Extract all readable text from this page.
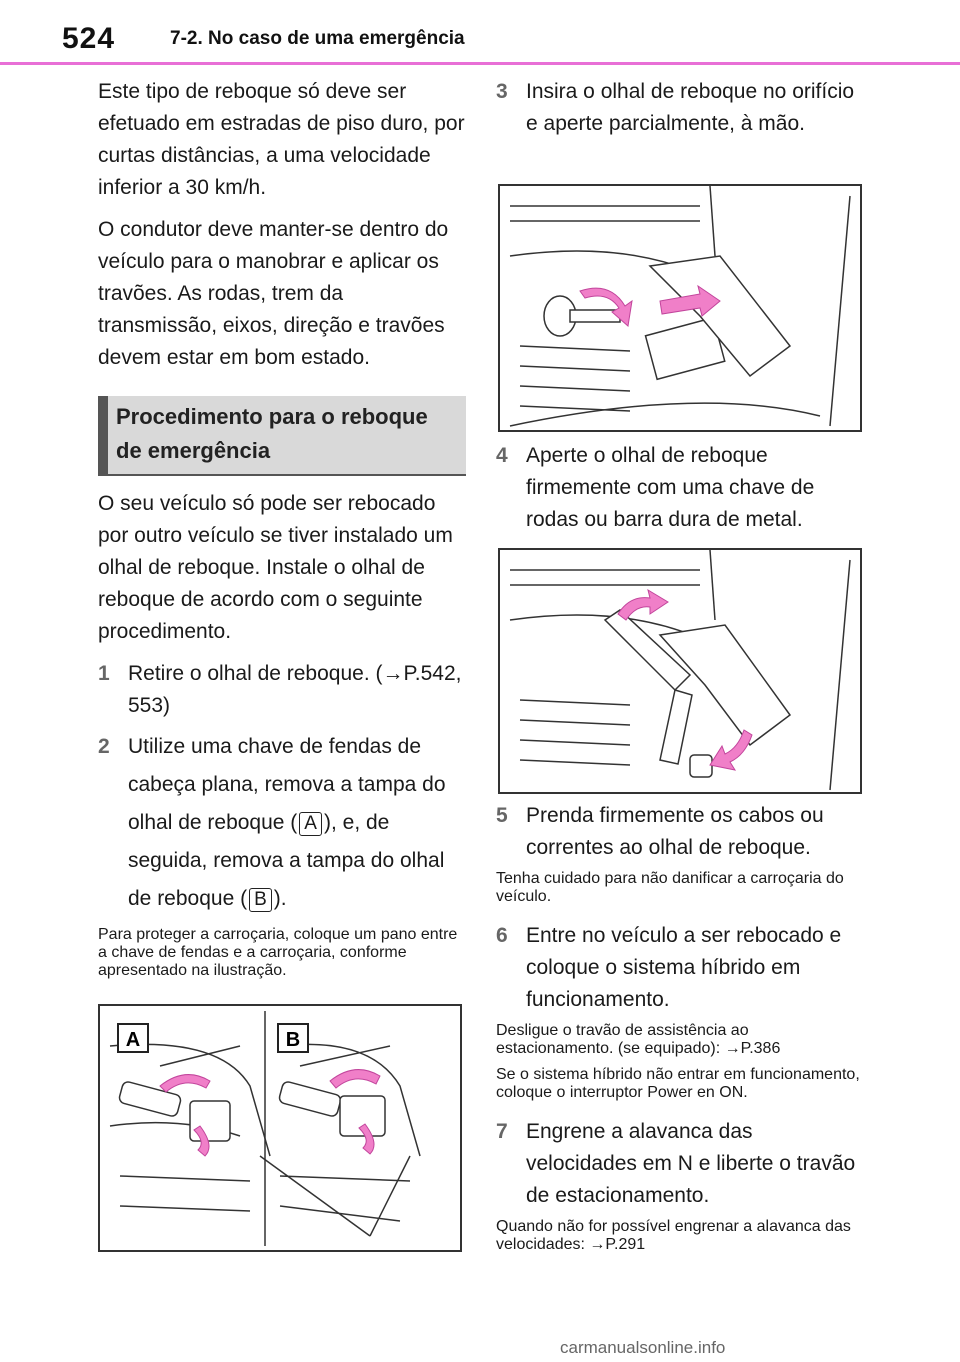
524	7-2. No caso de uma emergência

Este tipo de reboque só deve ser efetuado em estradas de piso duro, por curtas distâncias, a uma velocidade inferior a 30 km/h.

O condutor deve manter-se dentro do veículo para o manobrar e aplicar os travões. As rodas, trem da transmissão, eixos, direção e travões devem estar em bom estado.

Procedimento para o reboque de emergência

O seu veículo só pode ser rebocado por outro veículo se tiver instalado um olhal de reboque. Instale o olhal de reboque de acordo com o seguinte procedimento.

1 Retire o olhal de reboque. (→P.542, 553)
2 Utilize uma chave de fendas de cabeça plana, remova a tampa do olhal de reboque ( A ), e, de seguida, remova a tampa do olhal de reboque ( B ).

Para proteger a carroçaria, coloque um pano entre a chave de fendas e a carroçaria, conforme apresentado na ilustração.

A	B
3 Insira o olhal de reboque no orifício e aperte parcialmente, à mão.
4 Aperte o olhal de reboque firmemente com uma chave de rodas ou barra dura de metal.
5 Prenda firmemente os cabos ou correntes ao olhal de reboque.

Tenha cuidado para não danificar a carroçaria do veículo.

6 Entre no veículo a ser rebocado e coloque o sistema híbrido em funcionamento.

Desligue o travão de assistência ao estacionamento. (se equipado): →P.386

Se o sistema híbrido não entrar em funcionamento, coloque o interruptor Power en ON.

7 Engrene a alavanca das velocidades em N e liberte o travão de estacionamento.

Quando não for possível engrenar a alavanca das velocidades: →P.291

carmanualsonline.info
